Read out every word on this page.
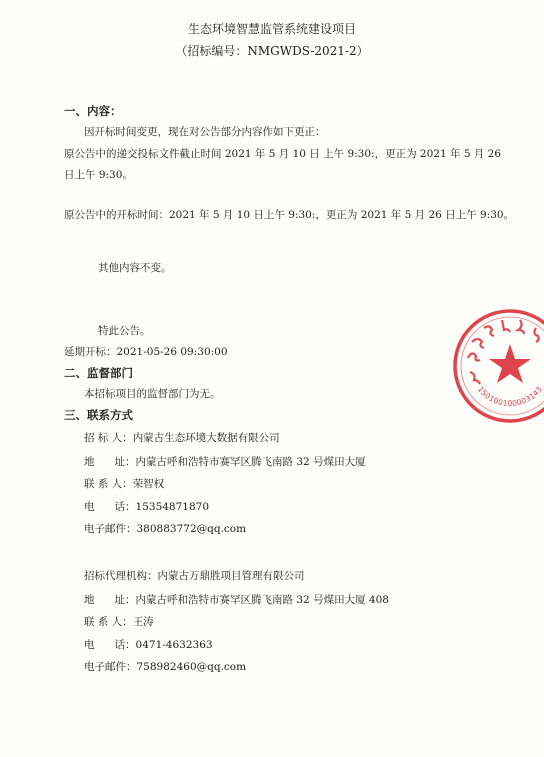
生态环境智慧监管系统建设项目
（招标编号：NMGWDS-2021-2）
一、内容：
因开标时间变更，现在对公告部分内容作如下更正：
原公告中的递交投标文件截止时间 2021 年 5 月 10 日 上午 9:30:，更正为 2021 年 5 月 26
日上午 9:30。
原公告中的开标时间：2021 年 5 月 10 日上午 9:30:，更正为 2021 年 5 月 26 日上午 9:30。
其他内容不变。
特此公告。
延期开标：2021-05-26 09:30:00
二、监督部门
本招标项目的监督部门为无。
三、联系方式
招 标 人：内蒙古生态环境大数据有限公司
地      址：内蒙古呼和浩特市赛罕区腾飞南路 32 号煤田大厦
联 系 人：荣智权
电      话：15354871870
电子邮件：380883772@qq.com
招标代理机构：内蒙古万鼎胜项目管理有限公司
地      址：内蒙古呼和浩特市赛罕区腾飞南路 32 号煤田大厦 408
联 系 人：王涛
电      话：0471-4632363
电子邮件：758982460@qq.com
150100100003143
